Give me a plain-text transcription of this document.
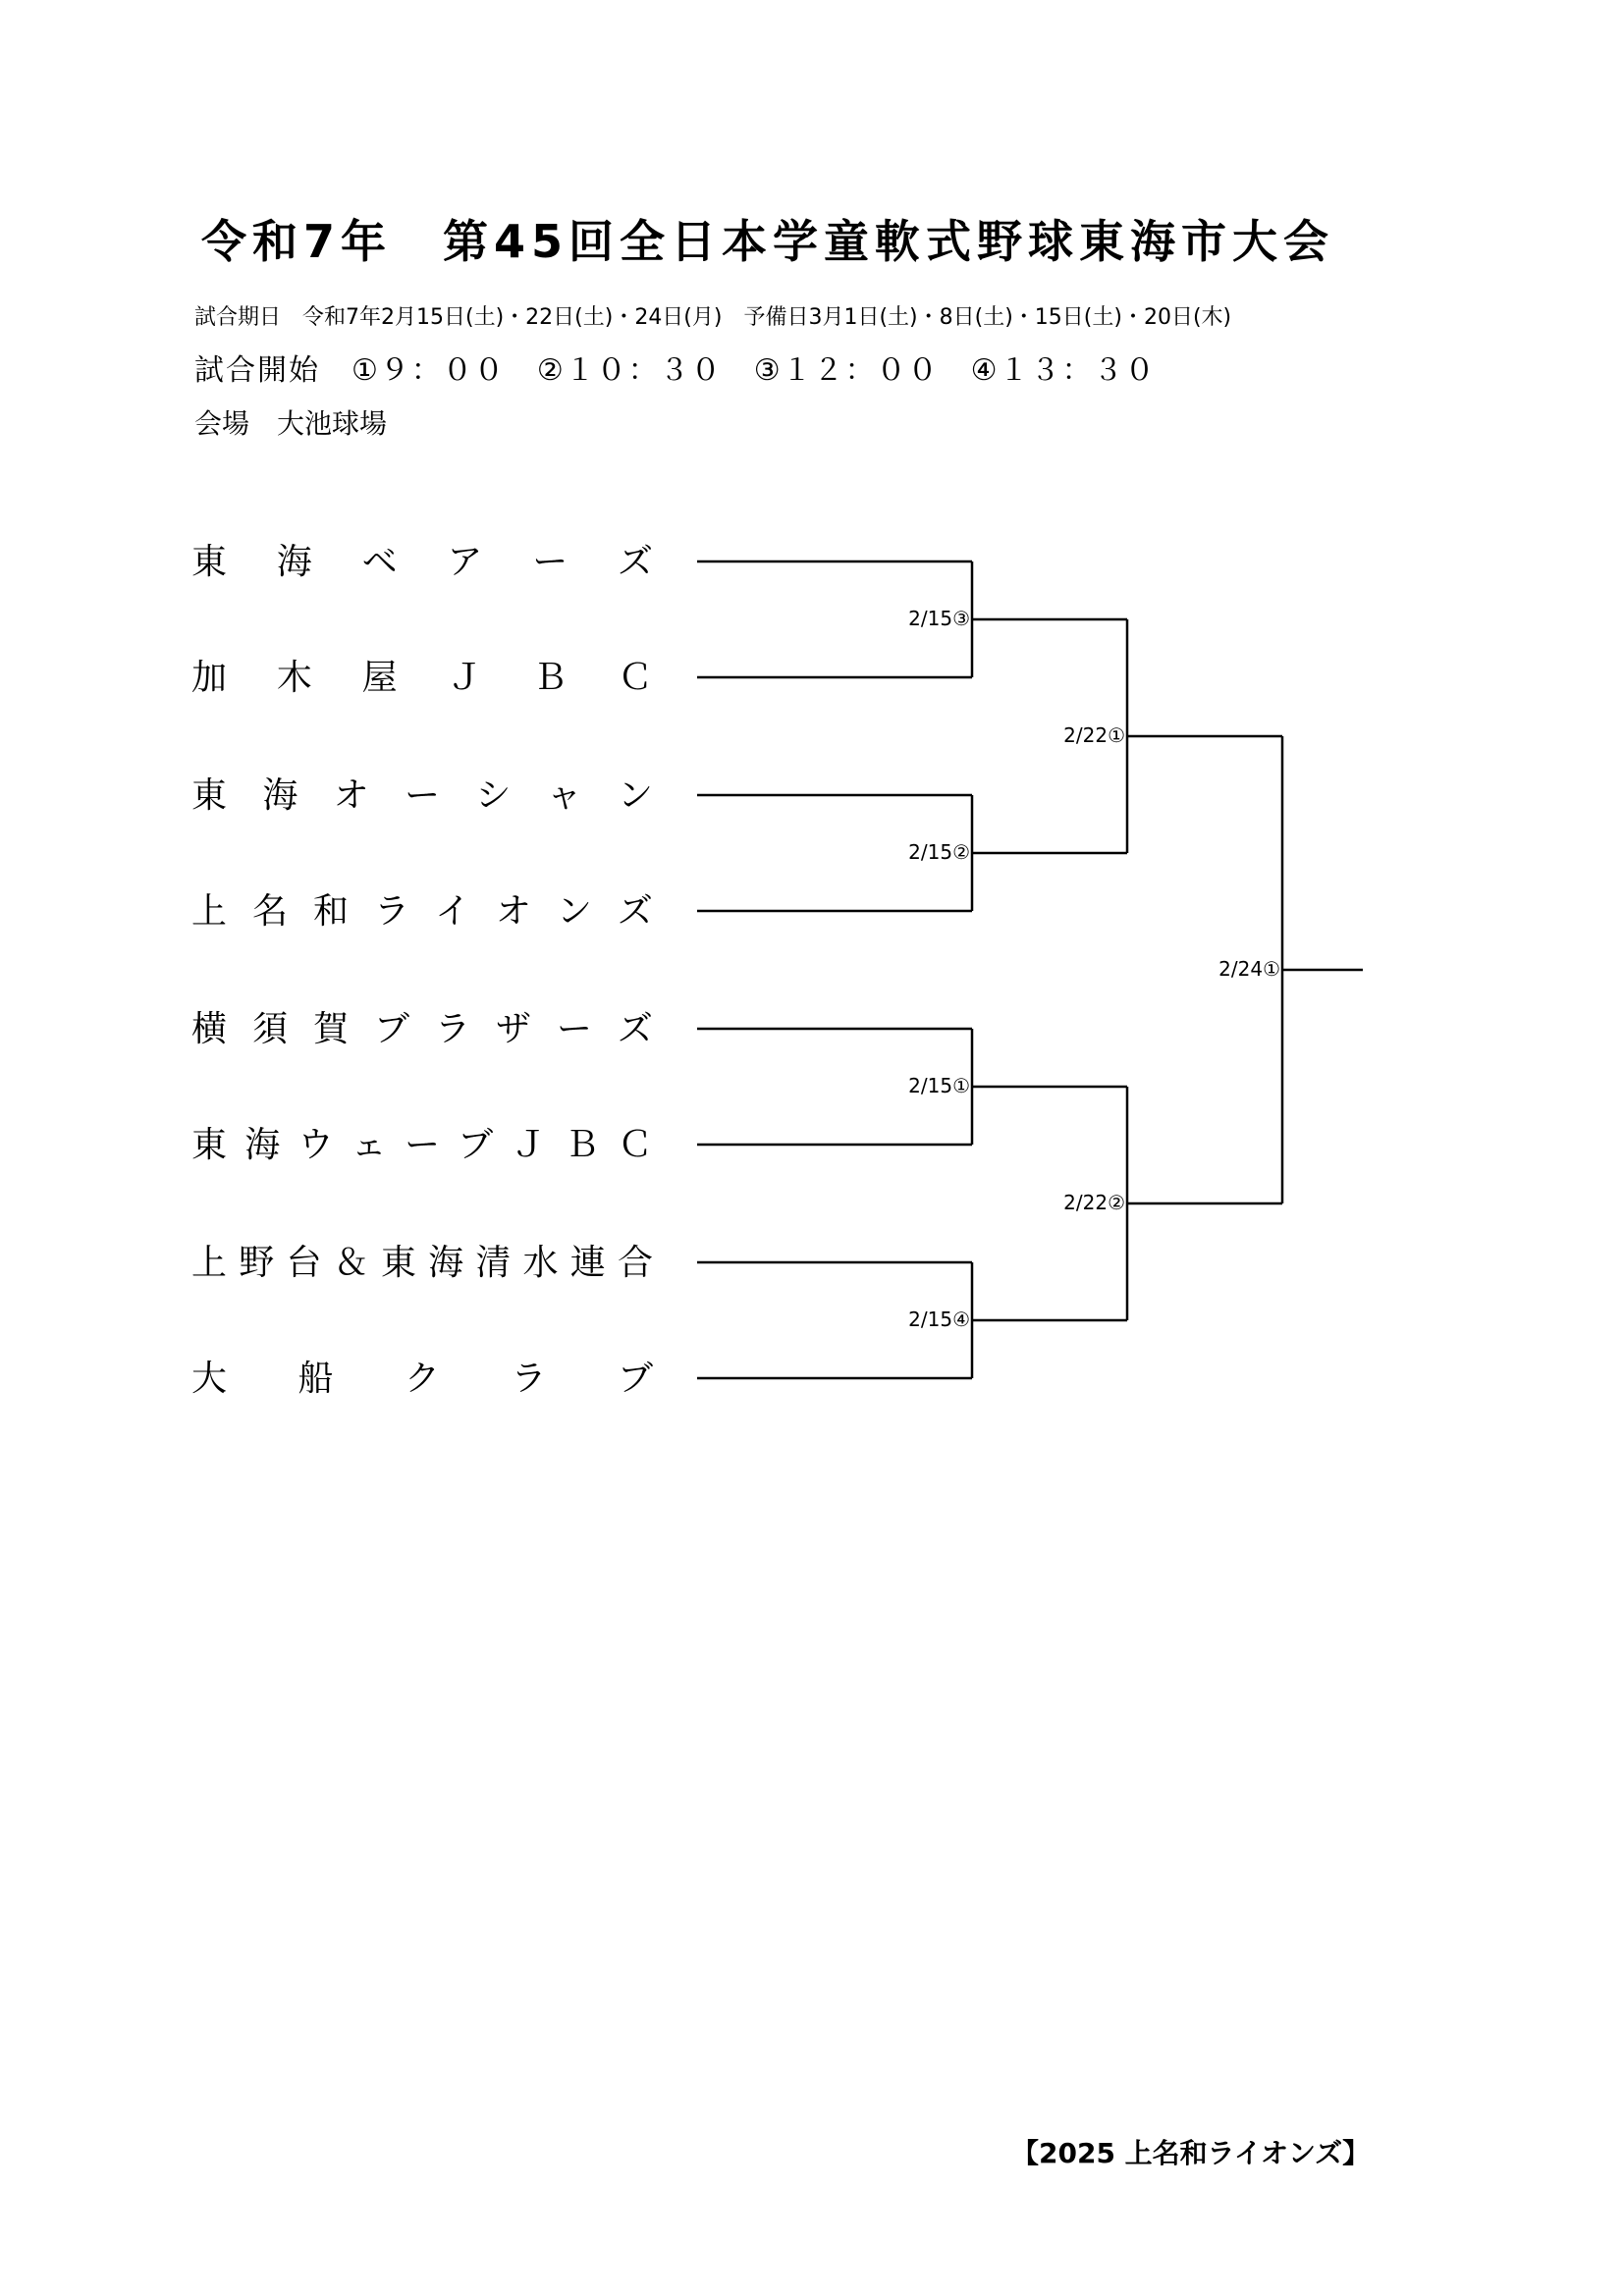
令和7年　第45回全日本学童軟式野球東海市大会
試合期日　令和7年2月15日(土)・22日(土)・24日(月)　予備日3月1日(土)・8日(土)・15日(土)・20日(木)
試合開始　①９：００　②１０：３０　③１２：００　④１３：３０
会場　大池球場
東 海 ベ ア ー ズ
加 木 屋 Ｊ Ｂ Ｃ
東 海 オ ー シ ャ ン
上 名 和 ラ イ オ ン ズ
横 須 賀 ブ ラ ザ ー ズ
東 海 ウ ェ ー ブ Ｊ Ｂ Ｃ
上 野 台 ＆ 東 海 清 水 連 合
大 船 ク ラ ブ
2/15③
2/15②
2/15①
2/15④
2/22①
2/22②
2/24①
【2025 上名和ライオンズ】
